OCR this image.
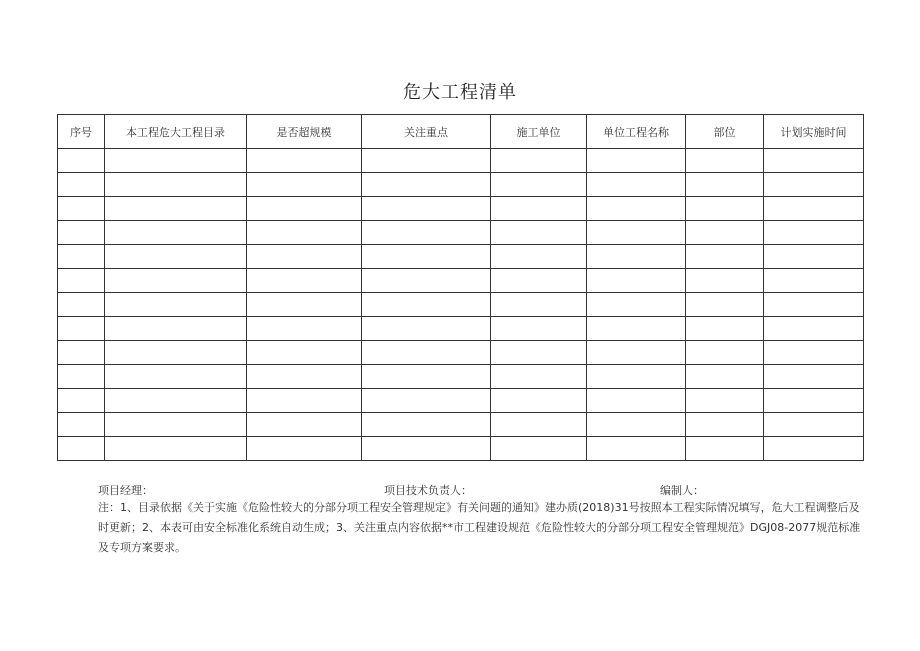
危大工程清单
序号	本工程危大工程目录	是否超规模	关注重点	施工单位	单位工程名称	部位	计划实施时间

项目经理：	项目技术负责人：	编制人：

注：1、目录依据《关于实施《危险性较大的分部分项工程安全管理规定》有关问题的通知》建办质(2018)31号按照本工程实际情况填写，危大工程调整后及时更新；2、本表可由安全标准化系统自动生成；3、关注重点内容依据**市工程建设规范《危险性较大的分部分项工程安全管理规范》DGJ08-2077规范标准及专项方案要求。
